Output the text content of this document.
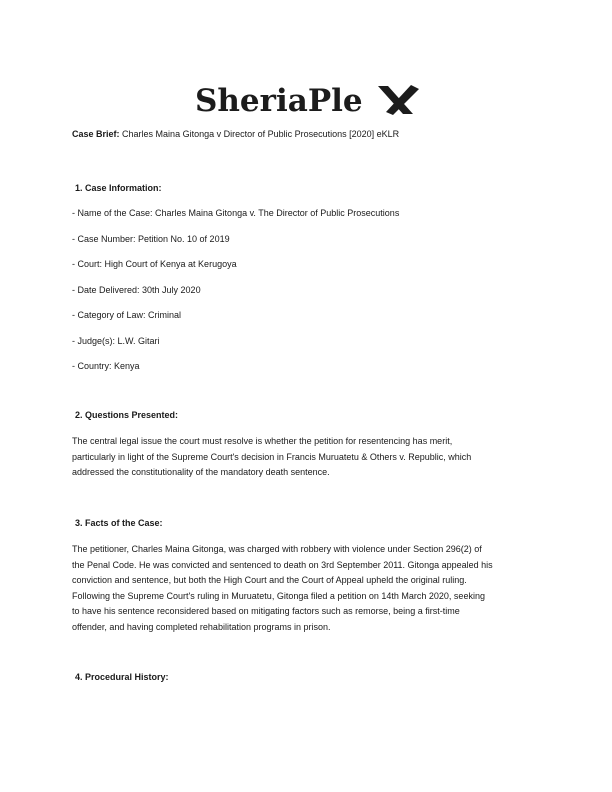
SheriaPle
Case Brief: Charles Maina Gitonga v Director of Public Prosecutions [2020] eKLR
1. Case Information:
- Name of the Case: Charles Maina Gitonga v. The Director of Public Prosecutions
- Case Number: Petition No. 10 of 2019
- Court: High Court of Kenya at Kerugoya
- Date Delivered: 30th July 2020
- Category of Law: Criminal
- Judge(s): L.W. Gitari
- Country: Kenya
2. Questions Presented:
The central legal issue the court must resolve is whether the petition for resentencing has merit,
particularly in light of the Supreme Court's decision in Francis Muruatetu & Others v. Republic, which
addressed the constitutionality of the mandatory death sentence.
3. Facts of the Case:
The petitioner, Charles Maina Gitonga, was charged with robbery with violence under Section 296(2) of
the Penal Code. He was convicted and sentenced to death on 3rd September 2011. Gitonga appealed his
conviction and sentence, but both the High Court and the Court of Appeal upheld the original ruling.
Following the Supreme Court's ruling in Muruatetu, Gitonga filed a petition on 14th March 2020, seeking
to have his sentence reconsidered based on mitigating factors such as remorse, being a first-time
offender, and having completed rehabilitation programs in prison.
4. Procedural History:
